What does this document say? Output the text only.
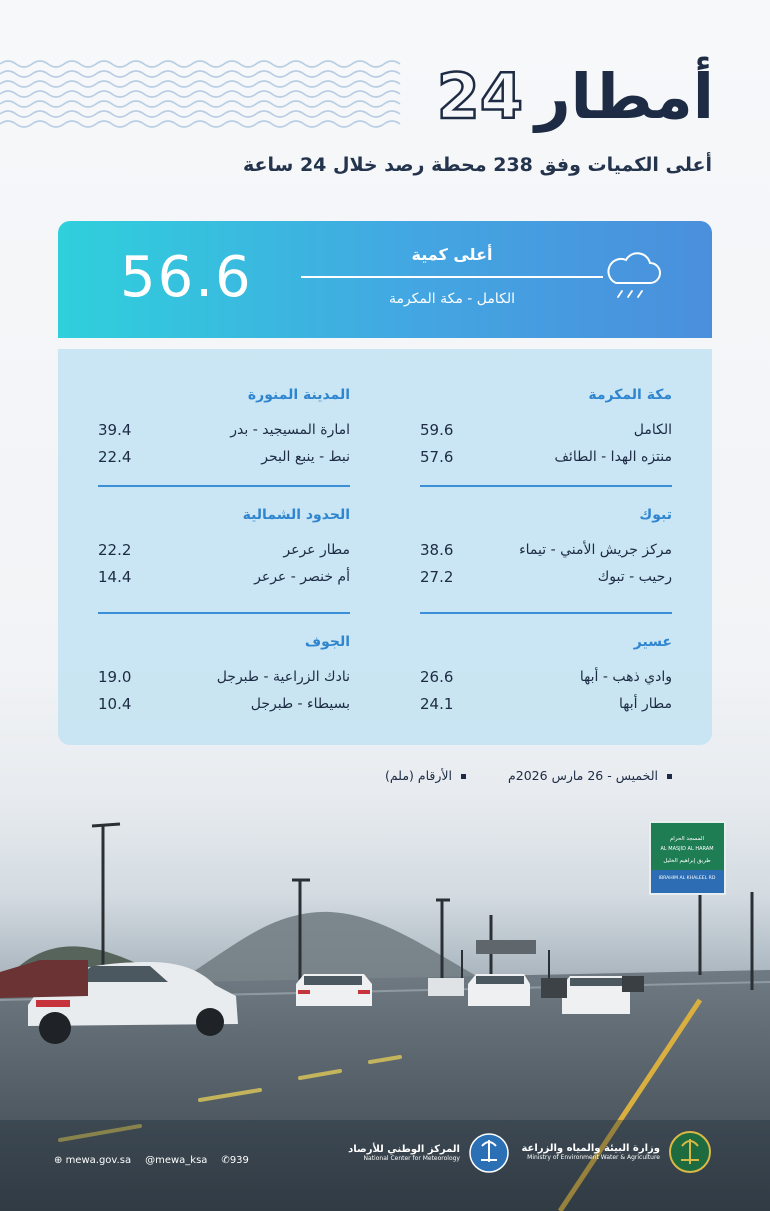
أمطار24
أعلى الكميات وفق 238 محطة رصد خلال 24 ساعة
56.6	أعلى كمية
الكامل - مكة المكرمة
مكة المكرمة
الكامل
59.6
منتزه الهدا - الطائف
57.6
المدينة المنورة
امارة المسيجيد - بدر
39.4
نبط - ينبع البحر
22.4
تبوك
مركز جريش الأمني - تيماء
38.6
رحيب - تبوك
27.2
الحدود الشمالية
مطار عرعر
22.2
أم خنصر - عرعر
14.4
عسير
وادي ذهب - أبها
26.6
مطار أبها
24.1
الجوف
نادك الزراعية - طبرجل
19.0
بسيطاء - طبرجل
10.4
الخميس - 26 مارس 2026م
الأرقام (ملم)
المسجد الحرام
AL MASJID AL HARAM
طريق إبراهيم الخليل
IBRAHIM AL KHALEEL RD
⊕ mewa.gov.sa @mewa_ksa ✆939
المركز الوطني للأرصاد
National Center for Meteorology
وزارة البيئة والمياه والزراعة
Ministry of Environment Water & Agriculture
